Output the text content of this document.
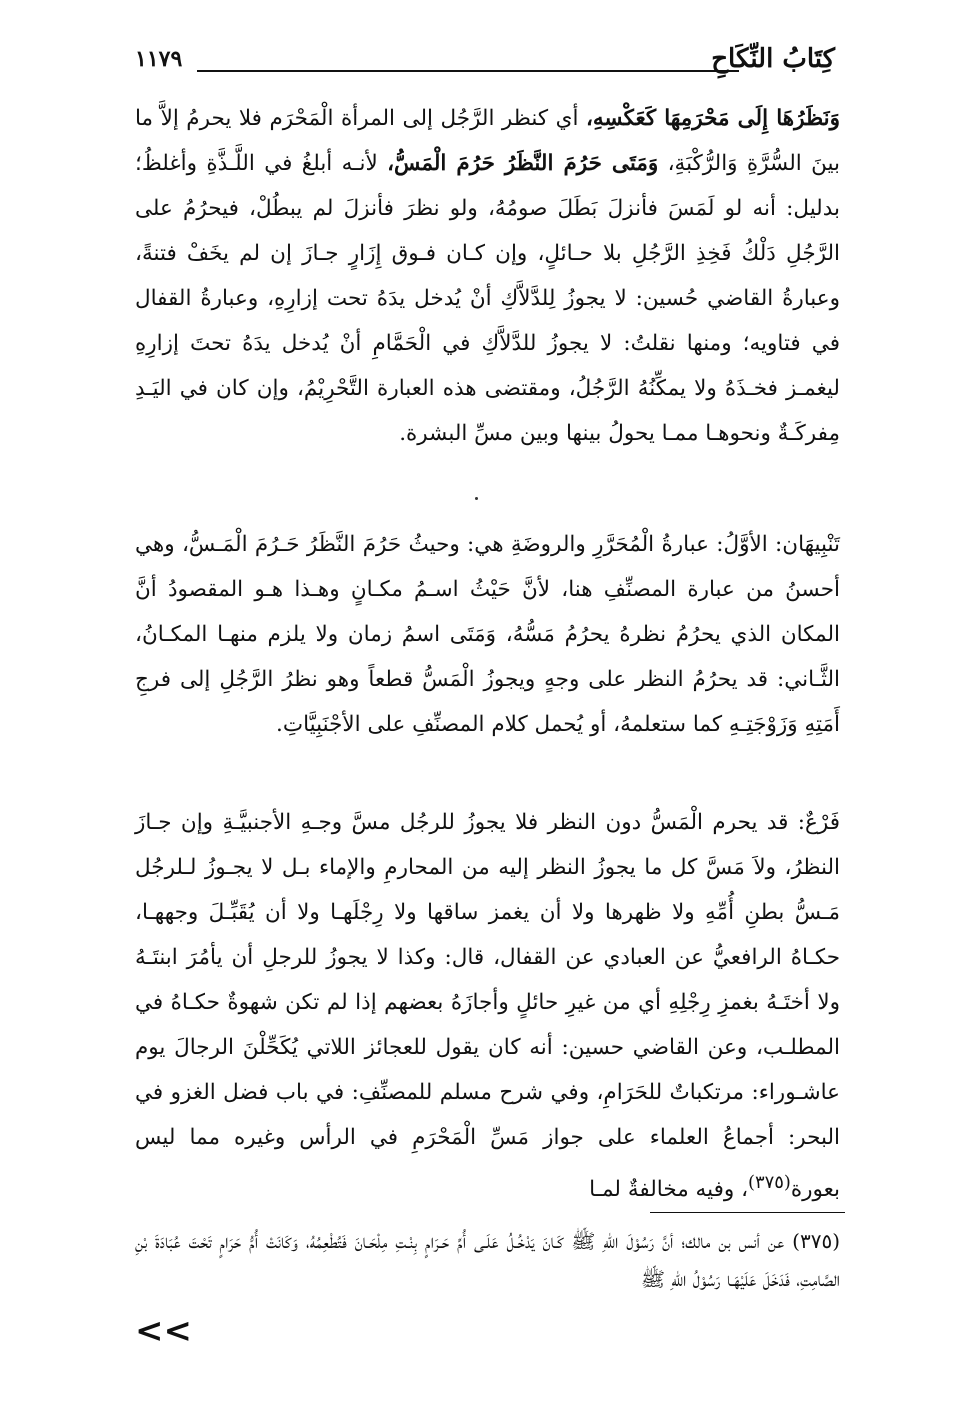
كِتَابُ النِّكَاحِ
١١٧٩

وَنَظَرُهَا إِلَى مَحْرَمِهَا كَعَكْسِهِ، أي كنظر الرَّجُل إلى المرأة الْمَحْرَم فلا يحرمُ إلاَّ ما بينَ السُّرَّةِ وَالرُّكْبَةِ، وَمَتَى حَرُمَ النَّظَرُ حَرُمَ الْمَسُّ، لأنـه أبلغُ في اللَّـذَّةِ وأغلظُ؛ بدليل: أنه لو لَمَسَ فأنزلَ بَطَلَ صومُهُ، ولو نظرَ فأنزلَ لم يبطُلْ، فيحرُمُ على الرَّجُلِ دَلْكُ فَخِذِ الرَّجُلِ بلا حـائلٍ، وإن كـان فـوق إِزَارٍ جـازَ إن لم يخَفْ فتنةً، وعبارةُ القاضي حُسين: لا يجوزُ لِلدَّلاَّكِ أنْ يُدخل يدَهُ تحت إزارِهِ، وعبارةُ القفال في فتاويه؛ ومنها نقلتُ: لا يجوزُ للدَّلاَّكِ في الْحَمَّامِ أنْ يُدخل يدَهُ تحتَ إزارِهِ ليغمـز فخـذَهُ ولا يمكِّنُهُ الرَّجُلُ، ومقتضى هذه العبارة التَّحْرِيْمُ، وإن كان في اليَـدِ مِفركَـةٌ ونحوهـا ممـا يحولُ بينها وبين مسِّ البشرة.

تَنْبِيهَان: الأوَّلُ: عبارةُ الْمُحَرَّرِ والروضَةِ هي: وحيثُ حَرُمَ النَّظَرُ حَـرُمَ الْمَـسُّ، وهي أحسنُ من عبارة المصنِّفِ هنا، لأنَّ حَيْثُ اسـمُ مكـانٍ وهـذا هـو المقصودُ أنَّ المكان الذي يحرُمُ نظرهُ يحرُمُ مَسُّهُ، وَمَتَى اسمُ زمان ولا يلزم منهـا المكـانُ، الثَّـاني: قد يحرُمُ النظر على وجهٍ ويجوزُ الْمَسُّ قطعاً وهو نظرُ الرَّجُلِ إلى فرجِ أَمَتِهِ وَزَوْجَتِـهِ كما ستعلمهُ، أو يُحمل كلام المصنِّفِ على الأجْنَبِيَّاتِ.

فَرْعٌ: قد يحرم الْمَسُّ دون النظر فلا يجوزُ للرجُل مسَّ وجـهِ الأجنبيَّـةِ وإن جـازَ النظرُ، ولاَ مَسَّ كل ما يجوزُ النظر إليه من المحارمِ والإماء بـل لا يجـوزُ لـلرجُل مَـسُّ بطنِ أُمِّهِ ولا ظهرها ولا أن يغمز ساقها ولا رِجْلَهـا ولا أن يُقَبِّـلَ وجههـا، حكـاهُ الرافعيُّ عن العبادي عن القفال، قال: وكذا لا يجوزُ للرجلِ أن يأمُرَ ابنتَـهُ ولا أختَـهُ بغمزِ رِجْلِهِ أي من غيرِ حائلٍ وأجازَهُ بعضهم إذا لم تكن شهوةٌ حكـاهُ في المطلـب، وعن القاضي حسين: أنه كان يقول للعجائز اللاتي يُكَحِّلْنَ الرجالَ يوم عاشـوراء: مرتكباتٌ للحَرَامِ، وفي شرح مسلم للمصنِّفِ: في باب فضل الغزو في البحر: أجماعُ العلماء على جواز مَسِّ الْمَحْرَمِ في الرأس وغيره مما ليس بعورة$^{(٣٧٥)}$، وفيه مخالفةٌ لمـا

(٣٧٥) عن أنس بن مالك؛ أنَّ رَسُوْلَ اللهِ ﷺ كَـانَ يَدْخُـلُ عَلَـى أُمِّ حَـرَامٍ بِنْـتِ مِلْحَـانَ فَتُطْعِمُهُ، وَكَانَتْ أُمُّ حَرَامٍ تَحْتَ عُبَادَةَ بْنِ الصَّامِتِ، فَدَخَلَ عَلَيْهَـا رَسُوْلُ اللهِ ﷺ

<<
